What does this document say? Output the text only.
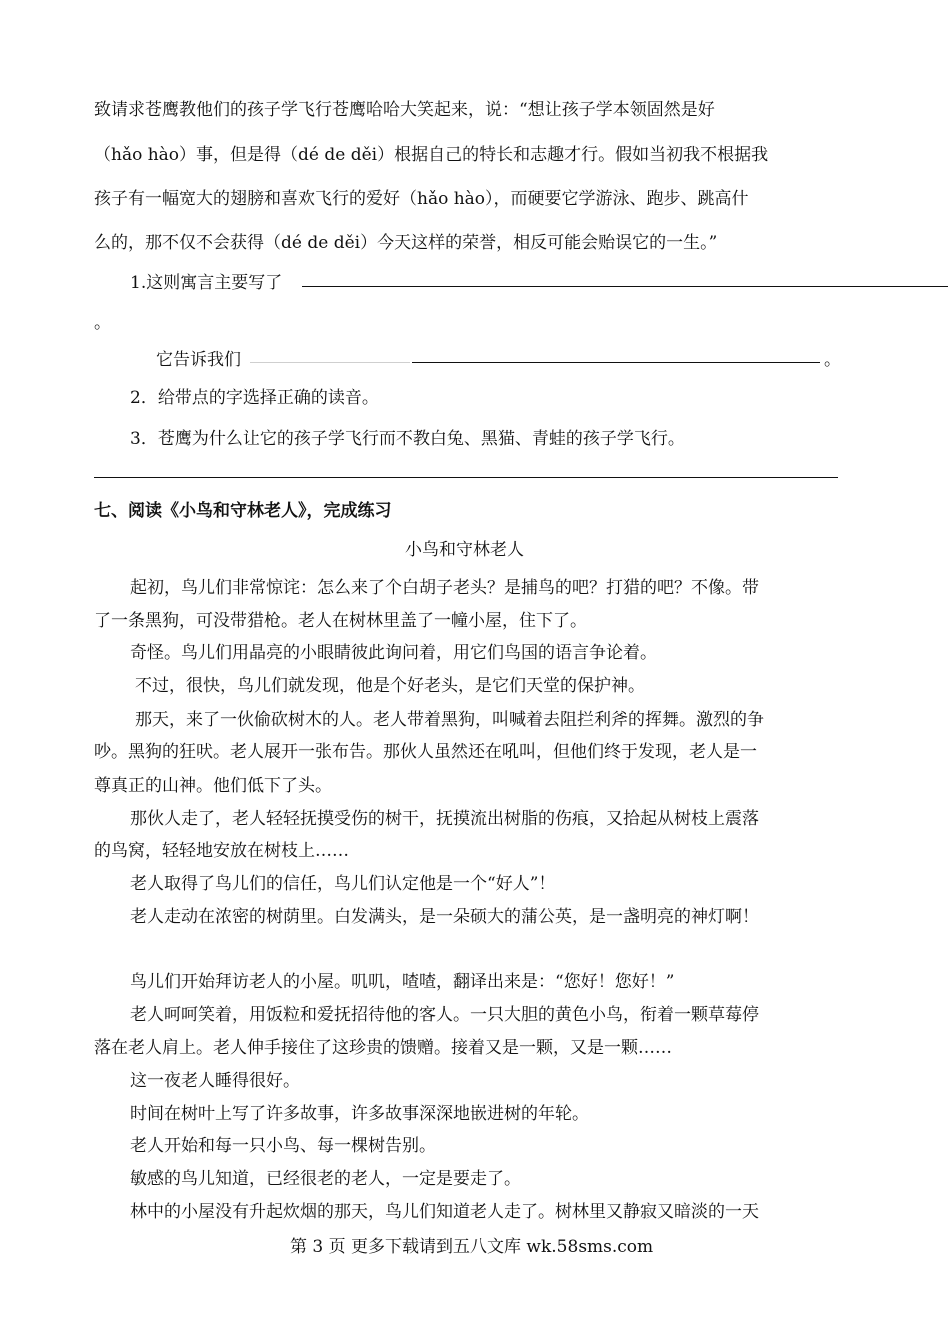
致请求苍鹰教他们的孩子学飞行苍鹰哈哈大笑起来，说：“想让孩子学本领固然是好
（hǎo hào）事，但是得（dé de děi）根据自己的特长和志趣才行。假如当初我不根据我
孩子有一幅宽大的翅膀和喜欢飞行的爱好（hǎo hào），而硬要它学游泳、跑步、跳高什
么的，那不仅不会获得（dé de děi）今天这样的荣誉，相反可能会贻误它的一生。”
1.这则寓言主要写了
。
它告诉我们	。
2．给带点的字选择正确的读音。
3．苍鹰为什么让它的孩子学飞行而不教白兔、黑猫、青蛙的孩子学飞行。
七、阅读《小鸟和守林老人》，完成练习
小鸟和守林老人
起初，鸟儿们非常惊诧：怎么来了个白胡子老头？是捕鸟的吧？打猎的吧？不像。带
了一条黑狗，可没带猎枪。老人在树林里盖了一幢小屋，住下了。
奇怪。鸟儿们用晶亮的小眼睛彼此询问着，用它们鸟国的语言争论着。
不过，很快，鸟儿们就发现，他是个好老头，是它们天堂的保护神。
那天，来了一伙偷砍树木的人。老人带着黑狗，叫喊着去阻拦利斧的挥舞。激烈的争
吵。黑狗的狂吠。老人展开一张布告。那伙人虽然还在吼叫，但他们终于发现，老人是一
尊真正的山神。他们低下了头。
那伙人走了，老人轻轻抚摸受伤的树干，抚摸流出树脂的伤痕，又拾起从树枝上震落
的鸟窝，轻轻地安放在树枝上……
老人取得了鸟儿们的信任，鸟儿们认定他是一个“好人”！
老人走动在浓密的树荫里。白发满头，是一朵硕大的蒲公英，是一盏明亮的神灯啊！
鸟儿们开始拜访老人的小屋。叽叽，喳喳，翻译出来是：“您好！您好！”
老人呵呵笑着，用饭粒和爱抚招待他的客人。一只大胆的黄色小鸟，衔着一颗草莓停
落在老人肩上。老人伸手接住了这珍贵的馈赠。接着又是一颗，又是一颗……
这一夜老人睡得很好。
时间在树叶上写了许多故事，许多故事深深地嵌进树的年轮。
老人开始和每一只小鸟、每一棵树告别。
敏感的鸟儿知道，已经很老的老人，一定是要走了。
林中的小屋没有升起炊烟的那天，鸟儿们知道老人走了。树林里又静寂又暗淡的一天
第 3 页 更多下载请到五八文库 wk.58sms.com
